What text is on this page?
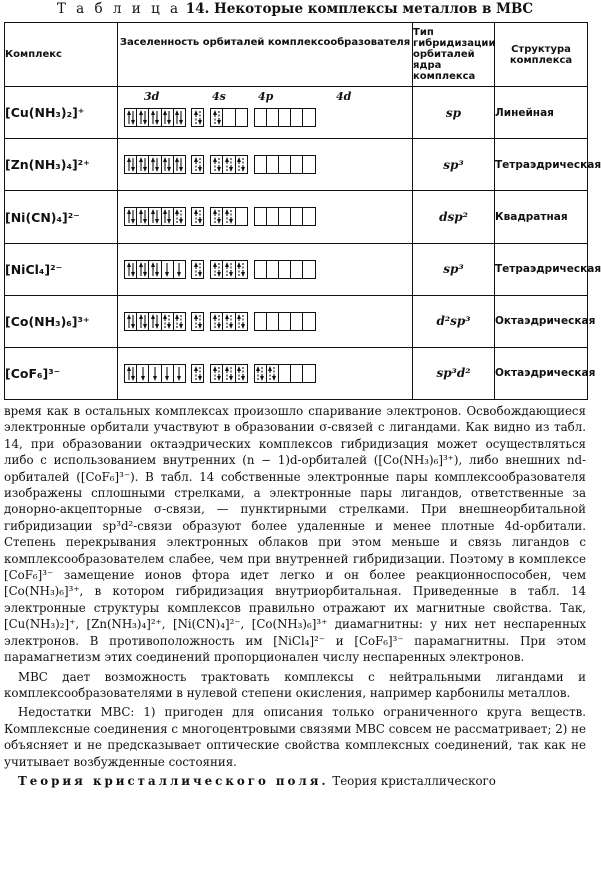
Т а б л и ц а 14. Некоторые комплексы металлов в МВС
Комплекс	Заселенность орбиталей комплексообразователя	Тип гибридизации орбиталей ядра комплекса	Структура комплекса
[Cu(NH₃)₂]⁺	3d 4s 4p 4d	sp	Линейная
[Zn(NH₃)₄]²⁺		sp³	Тетраэдрическая
[Ni(CN)₄]²⁻		dsp²	Квадратная
[NiCl₄]²⁻		sp³	Тетраэдрическая
[Co(NH₃)₆]³⁺		d²sp³	Октаэдрическая
[CoF₆]³⁻		sp³d²	Октаэдрическая

время как в остальных комплексах произошло спаривание электронов. Освобождающиеся электронные орбитали участвуют в образовании σ-связей с лигандами. Как видно из табл. 14, при образовании октаэдрических комплексов гибридизация может осуществляться либо с использованием внутренних (n − 1)d-орбиталей ([Co(NH₃)₆]³⁺), либо внешних nd-орбиталей ([CoF₆]³⁻). В табл. 14 собственные электронные пары комплексообразователя изображены сплошными стрелками, а электронные пары лигандов, ответственные за донорно-акцепторные σ-связи, — пунктирными стрелками. При внешнеорбитальной гибридизации sp³d²-связи образуют более удаленные и менее плотные 4d-орбитали. Степень перекрывания электронных облаков при этом меньше и связь лигандов с комплексообразователем слабее, чем при внутренней гибридизации. Поэтому в комплексе [CoF₆]³⁻ замещение ионов фтора идет легко и он более реакционноспособен, чем [Co(NH₃)₆]³⁺, в котором гибридизация внутриорбитальная. Приведенные в табл. 14 электронные структуры комплексов правильно отражают их магнитные свойства. Так, [Cu(NH₃)₂]⁺, [Zn(NH₃)₄]²⁺, [Ni(CN)₄]²⁻, [Co(NH₃)₆]³⁺ диамагнитны: у них нет неспаренных электронов. В противоположность им [NiCl₄]²⁻ и [CoF₆]³⁻ парамагнитны. При этом парамагнетизм этих соединений пропорционален числу неспаренных электронов.

МВС дает возможность трактовать комплексы с нейтральными лигандами и комплексообразователями в нулевой степени окисления, например карбонилы металлов.

Недостатки МВС: 1) пригоден для описания только ограниченного круга веществ. Комплексные соединения с многоцентровыми связями МВС совсем не рассматривает; 2) не объясняет и не предсказывает оптические свойства комплексных соединений, так как не учитывает возбужденные состояния.

Теория кристаллического поля. Теория кристаллического
